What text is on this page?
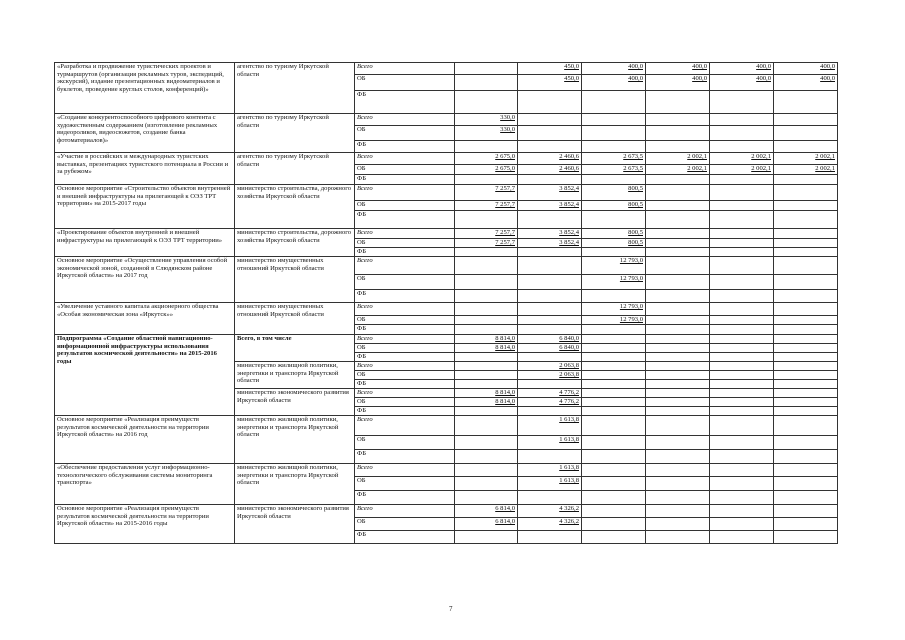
«Разработка и продвижение туристических проектов и турмаршрутов (организация рекламных туров, экспедиций, экскурсий), издание презентационных видеоматериалов и буклетов, проведение круглых столов, конференций)»	агентство по туризму Иркутской области	Всего		450,0	400,0	400,0	400,0	400,0
		ОБ		450,0	400,0	400,0	400,0	400,0
		ФБ						
«Создание конкурентоспособного цифрового контента с художественным содержанием (изготовление рекламных видеороликов, видеосюжетов, создание банка фотоматериалов)»	агентство по туризму Иркутской области	Всего	330,0					
		ОБ	330,0					
		ФБ						
«Участие в российских и международных туристских выставках, презентациях туристского потенциала в России и за рубежом»	агентство по туризму Иркутской области	Всего	2 675,0	2 460,6	2 673,5	2 002,1	2 002,1	2 002,1
		ОБ	2 675,0	2 460,6	2 673,5	2 002,1	2 002,1	2 002,1
		ФБ						
Основное мероприятие «Строительство объектов внутренней и внешней инфраструктуры на прилегающей к ОЭЗ ТРТ территории» на 2015-2017 годы	министерство строительства, дорожного хозяйства Иркутской области	Всего	7 257,7	3 852,4	800,5			
		ОБ	7 257,7	3 852,4	800,5			
		ФБ						
«Проектирование объектов внутренней и внешней инфраструктуры на прилегающей к ОЭЗ ТРТ территории»	министерство строительства, дорожного хозяйства Иркутской области	Всего	7 257,7	3 852,4	800,5			
		ОБ	7 257,7	3 852,4	800,5			
		ФБ						
Основное мероприятие «Осуществление управления особой экономической зоной, созданной в Слюдянском районе Иркутской области» на 2017 год	министерство имущественных отношений Иркутской области	Всего			12 793,0			
		ОБ			12 793,0			
		ФБ						
«Увеличение уставного капитала акционерного общества «Особая экономическая зона «Иркутск»»	министерство имущественных отношений Иркутской области	Всего			12 793,0			
		ОБ			12 793,0			
		ФБ						
Подпрограмма «Создание областной навигационно-информационной инфраструктуры использования результатов космической деятельности» на 2015-2016 годы	Всего, в том числе	Всего	8 814,0	6 840,0				
		ОБ	8 814,0	6 840,0				
		ФБ						
	министерство жилищной политики, энергетики и транспорта Иркутской области	Всего		2 063,8				
		ОБ		2 063,8				
		ФБ						
	министерство экономического развития Иркутской области	Всего	8 814,0	4 776,2				
		ОБ	8 814,0	4 776,2				
		ФБ						
Основное мероприятие «Реализация преимуществ результатов космической деятельности на территории Иркутской области» на 2016 год	министерство жилищной политики, энергетики и транспорта Иркутской области	Всего		1 613,8				
		ОБ		1 613,8				
		ФБ						
«Обеспечение предоставления услуг информационно-технологического обслуживания системы мониторинга транспорта»	министерство жилищной политики, энергетики и транспорта Иркутской области	Всего		1 613,8				
		ОБ		1 613,8				
		ФБ						
Основное мероприятие «Реализация преимуществ результатов космической деятельности на территории Иркутской области» на 2015-2016 годы	министерство экономического развития Иркутской области	Всего	6 814,0	4 326,2				
		ОБ	6 814,0	4 326,2				
		ФБ						
7
